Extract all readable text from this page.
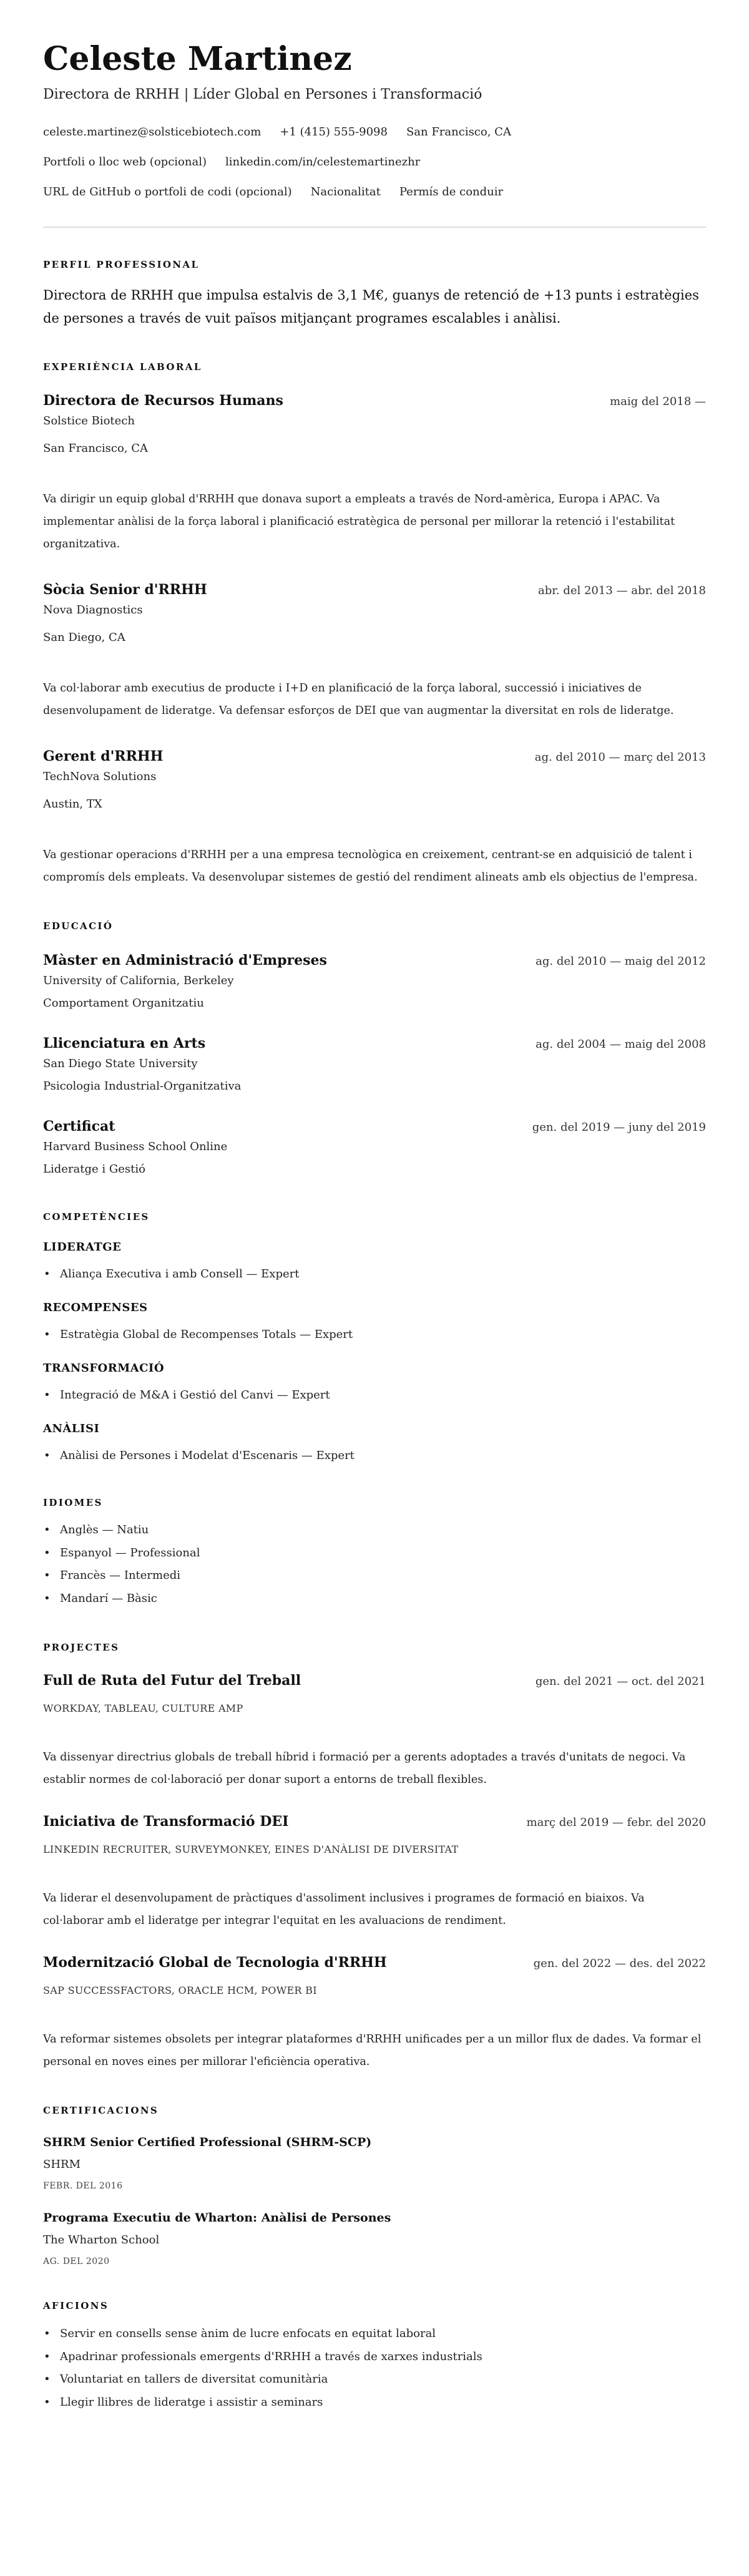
Celeste Martinez
Directora de RRHH | Líder Global en Persones i Transformació
celeste.martinez@solsticebiotech.com +1 (415) 555-9098 San Francisco, CA
Portfoli o lloc web (opcional) linkedin.com/in/celestemartinezhr
URL de GitHub o portfoli de codi (opcional) Nacionalitat Permís de conduir
PERFIL PROFESSIONAL
Directora de RRHH que impulsa estalvis de 3,1 M€, guanys de retenció de +13 punts i estratègies de persones a través de vuit països mitjançant programes escalables i anàlisi.
EXPERIÈNCIA LABORAL
Directora de Recursos Humans	maig del 2018 —
Solstice Biotech
San Francisco, CA
Va dirigir un equip global d'RRHH que donava suport a empleats a través de Nord-amèrica, Europa i APAC. Va implementar anàlisi de la força laboral i planificació estratègica de personal per millorar la retenció i l'estabilitat organitzativa.
Sòcia Senior d'RRHH	abr. del 2013 — abr. del 2018
Nova Diagnostics
San Diego, CA
Va col·laborar amb executius de producte i I+D en planificació de la força laboral, successió i iniciatives de desenvolupament de lideratge. Va defensar esforços de DEI que van augmentar la diversitat en rols de lideratge.
Gerent d'RRHH	ag. del 2010 — març del 2013
TechNova Solutions
Austin, TX
Va gestionar operacions d'RRHH per a una empresa tecnològica en creixement, centrant-se en adquisició de talent i compromís dels empleats. Va desenvolupar sistemes de gestió del rendiment alineats amb els objectius de l'empresa.
EDUCACIÓ
Màster en Administració d'Empreses	ag. del 2010 — maig del 2012
University of California, Berkeley
Comportament Organitzatiu
Llicenciatura en Arts	ag. del 2004 — maig del 2008
San Diego State University
Psicologia Industrial-Organitzativa
Certificat	gen. del 2019 — juny del 2019
Harvard Business School Online
Lideratge i Gestió
COMPETÈNCIES
LIDERATGE
• Aliança Executiva i amb Consell — Expert
RECOMPENSES
• Estratègia Global de Recompenses Totals — Expert
TRANSFORMACIÓ
• Integració de M&A i Gestió del Canvi — Expert
ANÀLISI
• Anàlisi de Persones i Modelat d'Escenaris — Expert
IDIOMES
• Anglès — Natiu
• Espanyol — Professional
• Francès — Intermedi
• Mandarí — Bàsic
PROJECTES
Full de Ruta del Futur del Treball	gen. del 2021 — oct. del 2021
WORKDAY, TABLEAU, CULTURE AMP
Va dissenyar directrius globals de treball híbrid i formació per a gerents adoptades a través d'unitats de negoci. Va establir normes de col·laboració per donar suport a entorns de treball flexibles.
Iniciativa de Transformació DEI	març del 2019 — febr. del 2020
LINKEDIN RECRUITER, SURVEYMONKEY, EINES D'ANÀLISI DE DIVERSITAT
Va liderar el desenvolupament de pràctiques d'assoliment inclusives i programes de formació en biaixos. Va col·laborar amb el lideratge per integrar l'equitat en les avaluacions de rendiment.
Modernització Global de Tecnologia d'RRHH	gen. del 2022 — des. del 2022
SAP SUCCESSFACTORS, ORACLE HCM, POWER BI
Va reformar sistemes obsolets per integrar plataformes d'RRHH unificades per a un millor flux de dades. Va formar el personal en noves eines per millorar l'eficiència operativa.
CERTIFICACIONS
SHRM Senior Certified Professional (SHRM-SCP)
SHRM
FEBR. DEL 2016
Programa Executiu de Wharton: Anàlisi de Persones
The Wharton School
AG. DEL 2020
AFICIONS
• Servir en consells sense ànim de lucre enfocats en equitat laboral
• Apadrinar professionals emergents d'RRHH a través de xarxes industrials
• Voluntariat en tallers de diversitat comunitària
• Llegir llibres de lideratge i assistir a seminars
